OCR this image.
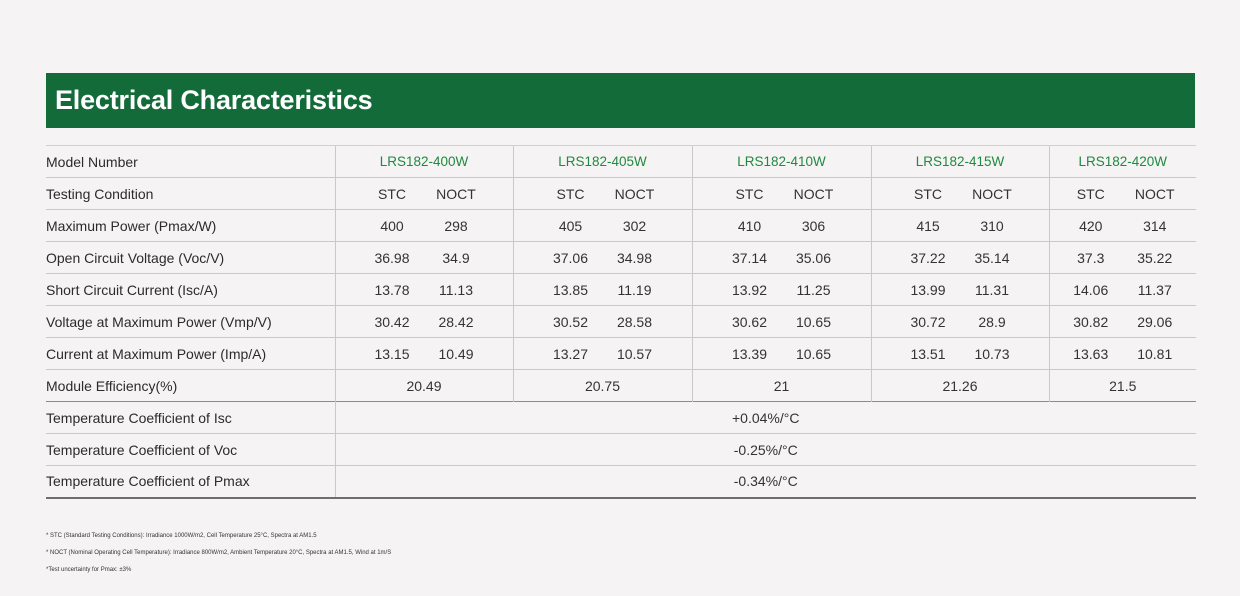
Electrical Characteristics
Model Number	LRS182-400W	LRS182-405W	LRS182-410W	LRS182-415W	LRS182-420W
Testing Condition	STC NOCT	STC NOCT	STC NOCT	STC NOCT	STC NOCT

Maximum Power (Pmax/W)	400 298	405 302	410 306	415 310	420 314

Open Circuit Voltage (Voc/V)	36.98 34.9	37.06 34.98	37.14 35.06	37.22 35.14	37.3 35.22

Short Circuit Current (Isc/A)	13.78 11.13	13.85 11.19	13.92 11.25	13.99 11.31	14.06 11.37

Voltage at Maximum Power (Vmp/V)	30.42 28.42	30.52 28.58	30.62 10.65	30.72 28.9	30.82 29.06

Current at Maximum Power (Imp/A)	13.15 10.49	13.27 10.57	13.39 10.65	13.51 10.73	13.63 10.81

Module Efficiency(%)	20.49	20.75	21	21.26	21.5
Temperature Coefficient of Isc	+0.04%/°C				
Temperature Coefficient of Voc	-0.25%/°C				
Temperature Coefficient of Pmax	-0.34%/°C				
* STC (Standard Testing Conditions): Irradiance 1000W/m2, Cell Temperature 25°C, Spectra at AM1.5
* NOCT (Nominal Operating Cell Temperature): Irradiance 800W/m2, Ambient Temperature 20°C, Spectra at AM1.5, Wind at 1m/S
*Test uncertainty for Pmax: ±3%
